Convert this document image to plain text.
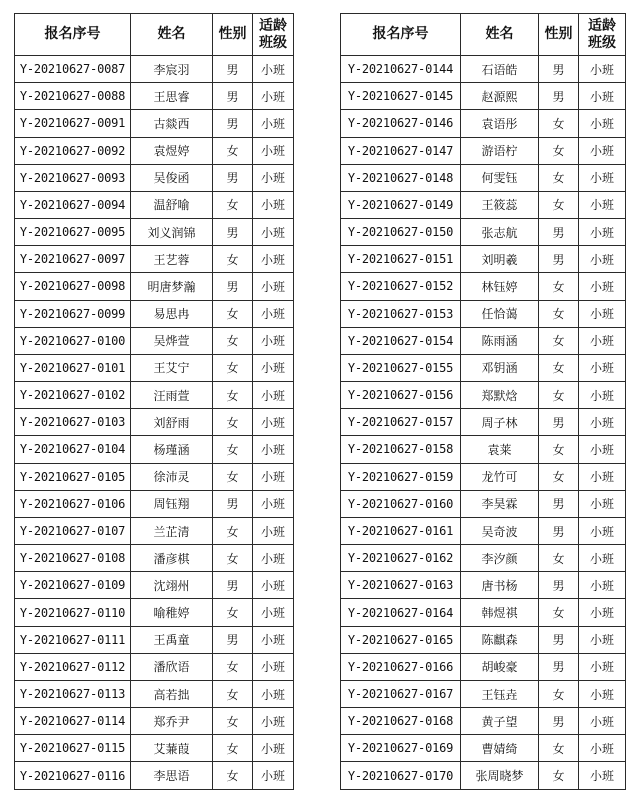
报名序号	姓名	性别	适龄
班级
Y-20210627-0087	李宸羽	男	小班
Y-20210627-0088	王思睿	男	小班
Y-20210627-0091	古燚西	男	小班
Y-20210627-0092	袁煜婷	女	小班
Y-20210627-0093	吴俊函	男	小班
Y-20210627-0094	温舒喻	女	小班
Y-20210627-0095	刘义润锦	男	小班
Y-20210627-0097	王艺蓉	女	小班
Y-20210627-0098	明唐梦瀚	男	小班
Y-20210627-0099	易思冉	女	小班
Y-20210627-0100	吴烨萱	女	小班
Y-20210627-0101	王艾宁	女	小班
Y-20210627-0102	汪雨萱	女	小班
Y-20210627-0103	刘舒雨	女	小班
Y-20210627-0104	杨瑾涵	女	小班
Y-20210627-0105	徐沛灵	女	小班
Y-20210627-0106	周钰翔	男	小班
Y-20210627-0107	兰芷清	女	小班
Y-20210627-0108	潘彦棋	女	小班
Y-20210627-0109	沈翊州	男	小班
Y-20210627-0110	喻稚婷	女	小班
Y-20210627-0111	王禹童	男	小班
Y-20210627-0112	潘欣语	女	小班
Y-20210627-0113	高若拙	女	小班
Y-20210627-0114	郑乔尹	女	小班
Y-20210627-0115	艾蒹葭	女	小班
Y-20210627-0116	李思语	女	小班
报名序号	姓名	性别	适龄
班级
Y-20210627-0144	石语皓	男	小班
Y-20210627-0145	赵源熙	男	小班
Y-20210627-0146	袁语彤	女	小班
Y-20210627-0147	游语柠	女	小班
Y-20210627-0148	何雯钰	女	小班
Y-20210627-0149	王筱蕊	女	小班
Y-20210627-0150	张志航	男	小班
Y-20210627-0151	刘明羲	男	小班
Y-20210627-0152	林钰婷	女	小班
Y-20210627-0153	任恰蔼	女	小班
Y-20210627-0154	陈雨涵	女	小班
Y-20210627-0155	邓钥涵	女	小班
Y-20210627-0156	郑默焓	女	小班
Y-20210627-0157	周子林	男	小班
Y-20210627-0158	袁莱	女	小班
Y-20210627-0159	龙竹可	女	小班
Y-20210627-0160	李昊霖	男	小班
Y-20210627-0161	吴奇波	男	小班
Y-20210627-0162	李汐颜	女	小班
Y-20210627-0163	唐书杨	男	小班
Y-20210627-0164	韩煜祺	女	小班
Y-20210627-0165	陈麒森	男	小班
Y-20210627-0166	胡峻豪	男	小班
Y-20210627-0167	王钰垚	女	小班
Y-20210627-0168	黄子望	男	小班
Y-20210627-0169	曹婧绮	女	小班
Y-20210627-0170	张周晓梦	女	小班
